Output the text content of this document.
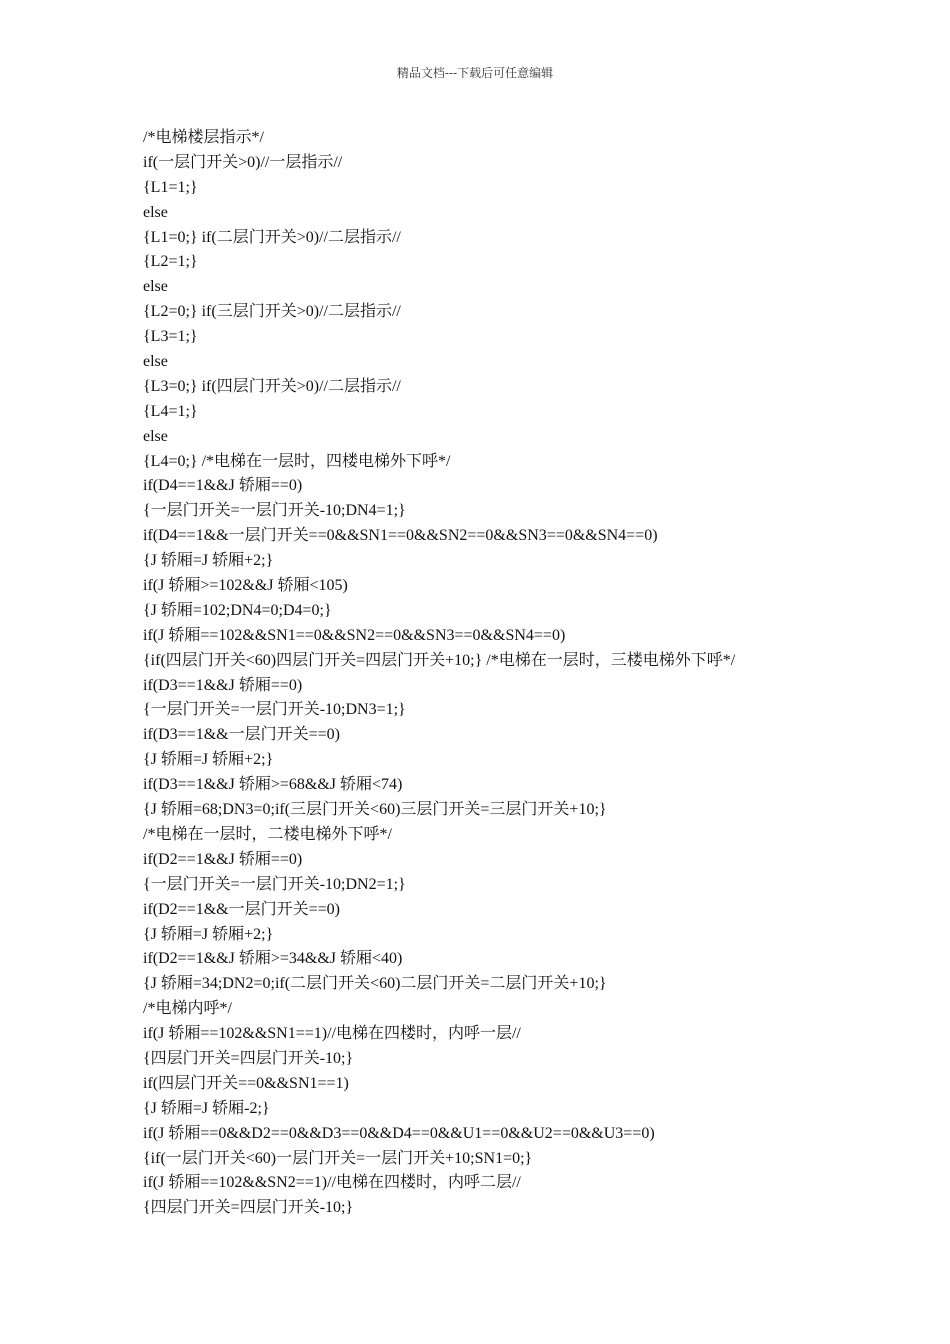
精品文档---下载后可任意编辑
/*电梯楼层指示*/
if(一层门开关>0)//一层指示//
{L1=1;}
else
{L1=0;} if(二层门开关>0)//二层指示//
{L2=1;}
else
{L2=0;} if(三层门开关>0)//二层指示//
{L3=1;}
else
{L3=0;} if(四层门开关>0)//二层指示//
{L4=1;}
else
{L4=0;} /*电梯在一层时，四楼电梯外下呼*/
if(D4==1&&J 轿厢==0)
{一层门开关=一层门开关-10;DN4=1;}
if(D4==1&&一层门开关==0&&SN1==0&&SN2==0&&SN3==0&&SN4==0)
{J 轿厢=J 轿厢+2;}
if(J 轿厢>=102&&J 轿厢<105)
{J 轿厢=102;DN4=0;D4=0;}
if(J 轿厢==102&&SN1==0&&SN2==0&&SN3==0&&SN4==0)
{if(四层门开关<60)四层门开关=四层门开关+10;} /*电梯在一层时，三楼电梯外下呼*/
if(D3==1&&J 轿厢==0)
{一层门开关=一层门开关-10;DN3=1;}
if(D3==1&&一层门开关==0)
{J 轿厢=J 轿厢+2;}
if(D3==1&&J 轿厢>=68&&J 轿厢<74)
{J 轿厢=68;DN3=0;if(三层门开关<60)三层门开关=三层门开关+10;}
/*电梯在一层时，二楼电梯外下呼*/
if(D2==1&&J 轿厢==0)
{一层门开关=一层门开关-10;DN2=1;}
if(D2==1&&一层门开关==0)
{J 轿厢=J 轿厢+2;}
if(D2==1&&J 轿厢>=34&&J 轿厢<40)
{J 轿厢=34;DN2=0;if(二层门开关<60)二层门开关=二层门开关+10;}
/*电梯内呼*/
if(J 轿厢==102&&SN1==1)//电梯在四楼时，内呼一层//
{四层门开关=四层门开关-10;}
if(四层门开关==0&&SN1==1)
{J 轿厢=J 轿厢-2;}
if(J 轿厢==0&&D2==0&&D3==0&&D4==0&&U1==0&&U2==0&&U3==0)
{if(一层门开关<60)一层门开关=一层门开关+10;SN1=0;}
if(J 轿厢==102&&SN2==1)//电梯在四楼时，内呼二层//
{四层门开关=四层门开关-10;}
